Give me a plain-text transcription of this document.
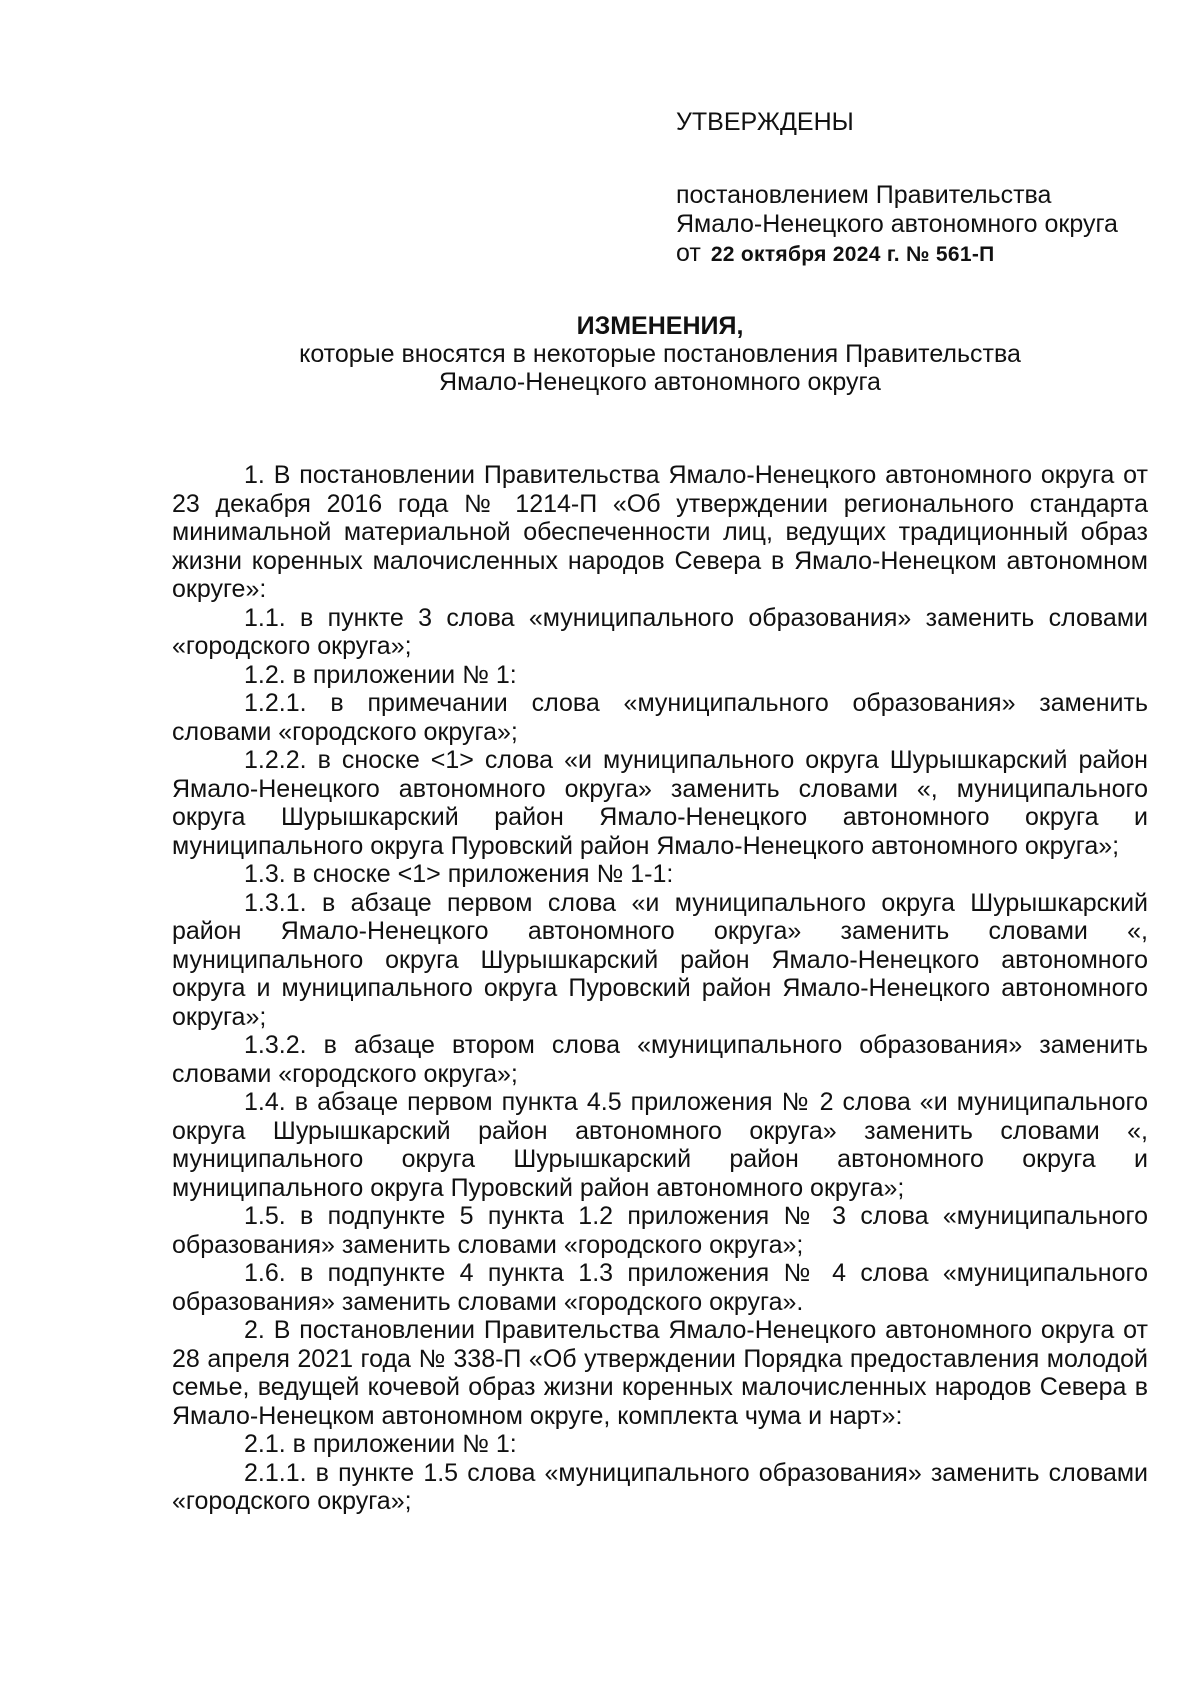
УТВЕРЖДЕНЫ
постановлением Правительства
Ямало-Ненецкого автономного округа
от 22 октября 2024 г. № 561-П
ИЗМЕНЕНИЯ,
которые вносятся в некоторые постановления Правительства
Ямало-Ненецкого автономного округа

1. В постановлении Правительства Ямало-Ненецкого автономного округа от 23 декабря 2016 года № 1214-П «Об утверждении регионального стандарта минимальной материальной обеспеченности лиц, ведущих традиционный образ жизни коренных малочисленных народов Севера в Ямало-Ненецком автономном округе»:

1.1. в пункте 3 слова «муниципального образования» заменить словами «городского округа»;

1.2. в приложении № 1:

1.2.1. в примечании слова «муниципального образования» заменить словами «городского округа»;

1.2.2. в сноске <1> слова «и муниципального округа Шурышкарский район Ямало-Ненецкого автономного округа» заменить словами «, муниципального округа Шурышкарский район Ямало-Ненецкого автономного округа и муниципального округа Пуровский район Ямало-Ненецкого автономного округа»;

1.3. в сноске <1> приложения № 1-1:

1.3.1. в абзаце первом слова «и муниципального округа Шурышкарский район Ямало-Ненецкого автономного округа» заменить словами «, муниципального округа Шурышкарский район Ямало-Ненецкого автономного округа и муниципального округа Пуровский район Ямало-Ненецкого автономного округа»;

1.3.2. в абзаце втором слова «муниципального образования» заменить словами «городского округа»;

1.4. в абзаце первом пункта 4.5 приложения № 2 слова «и муниципального округа Шурышкарский район автономного округа» заменить словами «, муниципального округа Шурышкарский район автономного округа и муниципального округа Пуровский район автономного округа»;

1.5. в подпункте 5 пункта 1.2 приложения № 3 слова «муниципального образования» заменить словами «городского округа»;

1.6. в подпункте 4 пункта 1.3 приложения № 4 слова «муниципального образования» заменить словами «городского округа».

2. В постановлении Правительства Ямало-Ненецкого автономного округа от 28 апреля 2021 года № 338-П «Об утверждении Порядка предоставления молодой семье, ведущей кочевой образ жизни коренных малочисленных народов Севера в Ямало-Ненецком автономном округе, комплекта чума и нарт»:

2.1. в приложении № 1:

2.1.1. в пункте 1.5 слова «муниципального образования» заменить словами «городского округа»;
